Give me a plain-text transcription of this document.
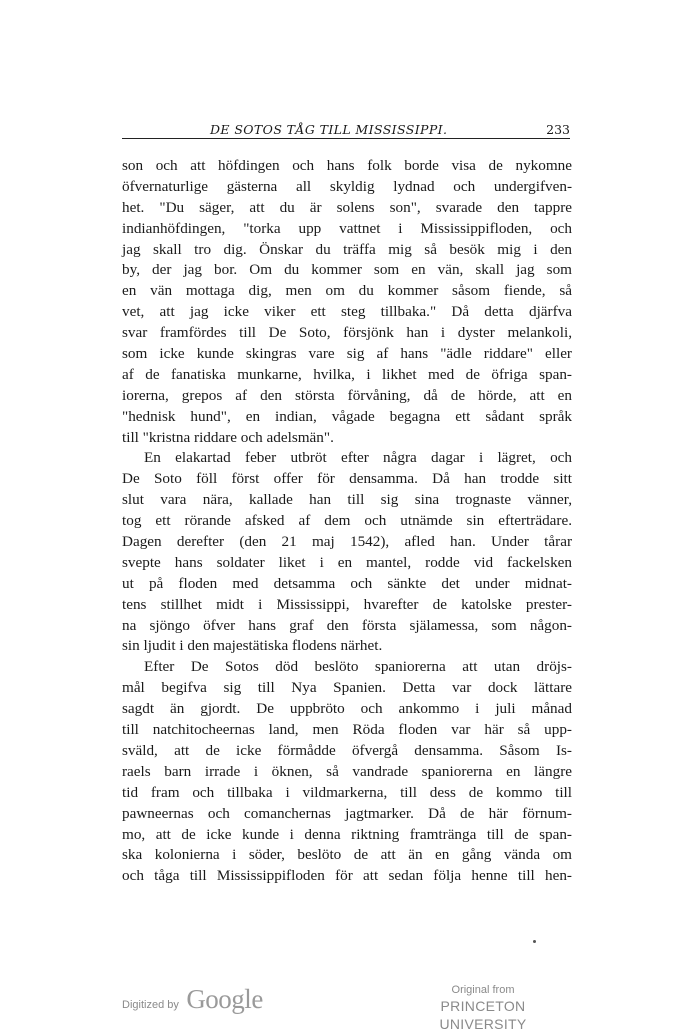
DE SOTOS TÅG TILL MISSISSIPPI.	233
son och att höfdingen och hans folk borde visa de nykomne
öfvernaturlige gästerna all skyldig lydnad och undergifven-
het. "Du säger, att du är solens son", svarade den tappre
indianhöfdingen, "torka upp vattnet i Mississippifloden, och
jag skall tro dig. Önskar du träffa mig så besök mig i den
by, der jag bor. Om du kommer som en vän, skall jag som
en vän mottaga dig, men om du kommer såsom fiende, så
vet, att jag icke viker ett steg tillbaka." Då detta djärfva
svar framfördes till De Soto, försjönk han i dyster melankoli,
som icke kunde skingras vare sig af hans "ädle riddare" eller
af de fanatiska munkarne, hvilka, i likhet med de öfriga span-
iorerna, grepos af den största förvåning, då de hörde, att en
"hednisk hund", en indian, vågade begagna ett sådant språk
till "kristna riddare och adelsmän".
En elakartad feber utbröt efter några dagar i lägret, och
De Soto föll först offer för densamma. Då han trodde sitt
slut vara nära, kallade han till sig sina trognaste vänner,
tog ett rörande afsked af dem och utnämde sin efterträdare.
Dagen derefter (den 21 maj 1542), afled han. Under tårar
svepte hans soldater liket i en mantel, rodde vid fackelsken
ut på floden med detsamma och sänkte det under midnat-
tens stillhet midt i Mississippi, hvarefter de katolske prester-
na sjöngo öfver hans graf den första själamessa, som någon-
sin ljudit i den majestätiska flodens närhet.
Efter De Sotos död beslöto spaniorerna att utan dröjs-
mål begifva sig till Nya Spanien. Detta var dock lättare
sagdt än gjordt. De uppbröto och ankommo i juli månad
till natchitocheernas land, men Röda floden var här så upp-
sväld, att de icke förmådde öfvergå densamma. Såsom Is-
raels barn irrade i öknen, så vandrade spaniorerna en längre
tid fram och tillbaka i vildmarkerna, till dess de kommo till
pawneernas och comanchernas jagtmarker. Då de här förnum-
mo, att de icke kunde i denna riktning framtränga till de span-
ska kolonierna i söder, beslöto de att än en gång vända om
och tåga till Mississippifloden för att sedan följa henne till hen-
Digitized by Google	Original from
PRINCETON UNIVERSITY
